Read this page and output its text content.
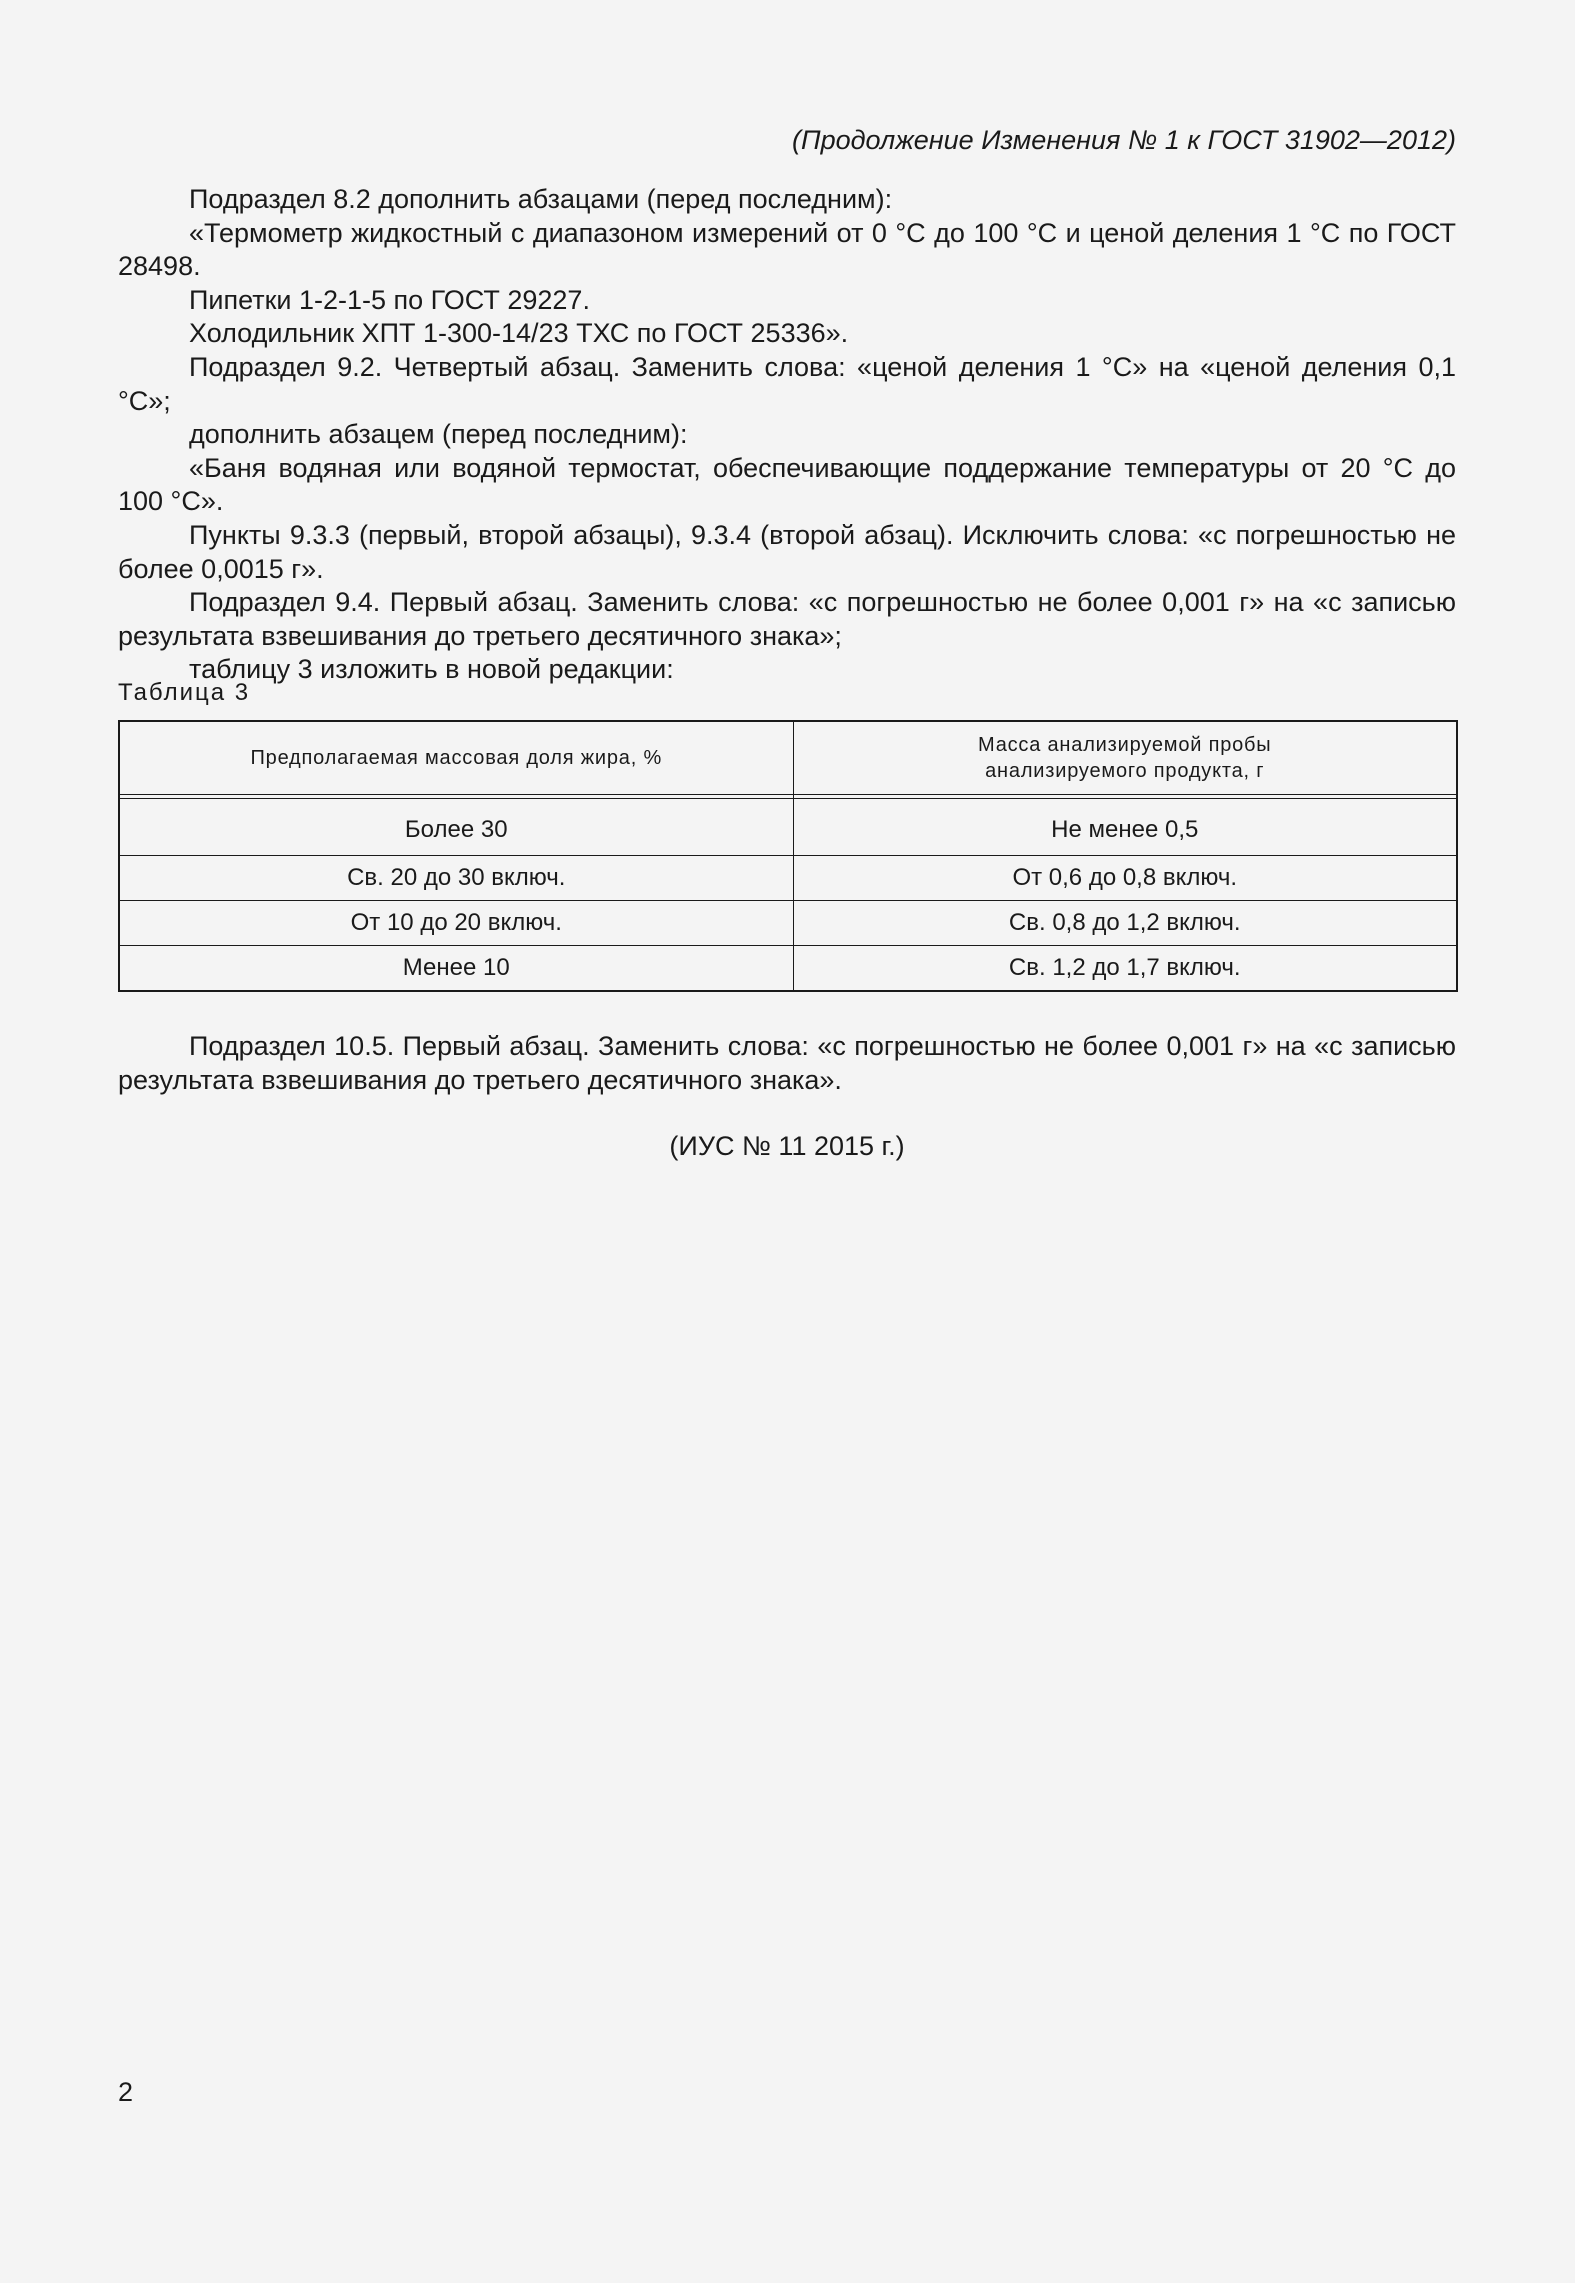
(Продолжение Изменения № 1 к ГОСТ 31902—2012)

Подраздел 8.2 дополнить абзацами (перед последним):

«Термометр жидкостный с диапазоном измерений от 0 °С до 100 °С и ценой деления 1 °С по ГОСТ 28498.

Пипетки 1-2-1-5 по ГОСТ 29227.

Холодильник ХПТ 1-300-14/23 ТХС по ГОСТ 25336».

Подраздел 9.2. Четвертый абзац. Заменить слова: «ценой деления 1 °С» на «ценой деления 0,1 °С»;

дополнить абзацем (перед последним):

«Баня водяная или водяной термостат, обеспечивающие поддержание температуры от 20 °С до 100 °С».

Пункты 9.3.3 (первый, второй абзацы), 9.3.4 (второй абзац). Исключить слова: «с погрешностью не более 0,0015 г».

Подраздел 9.4. Первый абзац. Заменить слова: «с погрешностью не более 0,001 г» на «с записью результата взвешивания до третьего десятичного знака»;

таблицу 3 изложить в новой редакции:

Таблица 3
Предполагаемая массовая доля жира, %	Масса анализируемой пробы
анализируемого продукта, г

Более 30	Не менее 0,5
Св. 20 до 30 включ.	От 0,6 до 0,8 включ.
От 10 до 20 включ.	Св. 0,8 до 1,2 включ.
Менее 10	Св. 1,2 до 1,7 включ.

Подраздел 10.5. Первый абзац. Заменить слова: «с погрешностью не более 0,001 г» на «с записью результата взвешивания до третьего десятичного знака».

(ИУС № 11 2015 г.)
2
